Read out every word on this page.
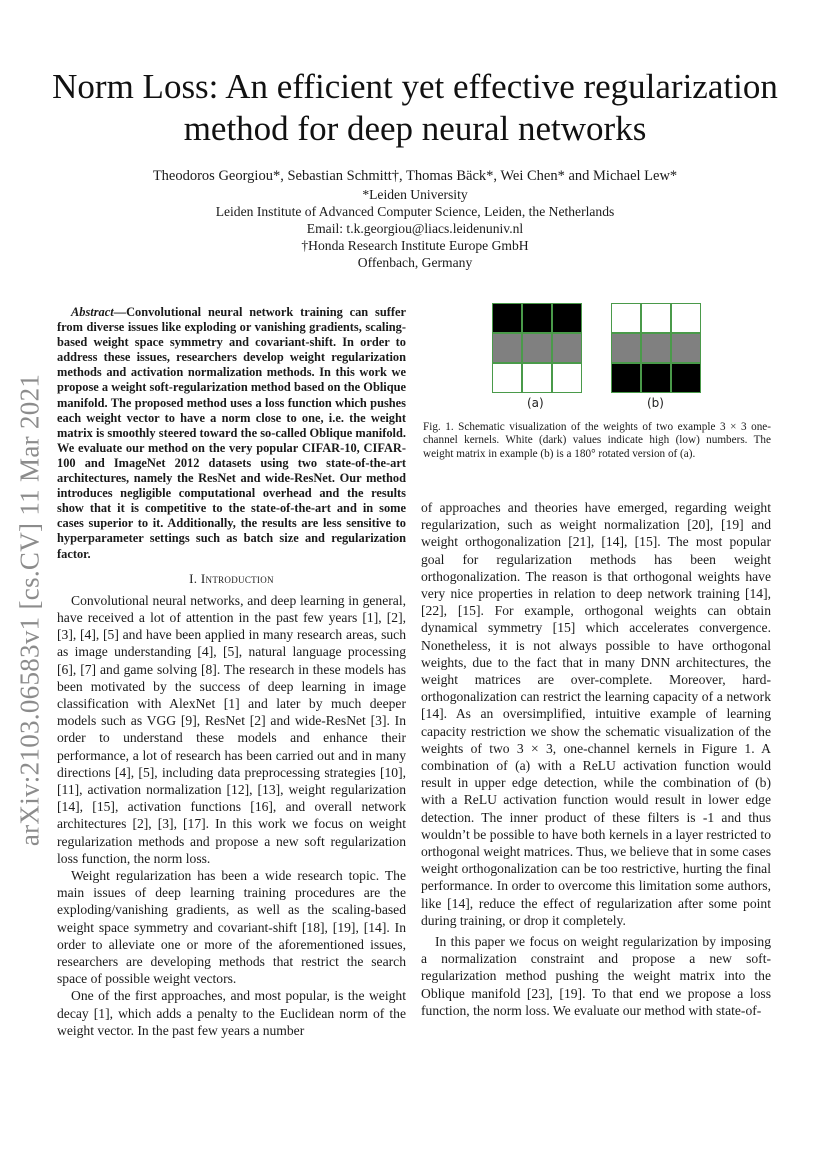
arXiv:2103.06583v1 [cs.CV] 11 Mar 2021
Norm Loss: An efficient yet effective regularization
method for deep neural networks
Theodoros Georgiou*, Sebastian Schmitt†, Thomas Bäck*, Wei Chen* and Michael Lew*
*Leiden University
Leiden Institute of Advanced Computer Science, Leiden, the Netherlands
Email: t.k.georgiou@liacs.leidenuniv.nl
†Honda Research Institute Europe GmbH
Offenbach, Germany
Abstract—Convolutional neural network training can suffer from diverse issues like exploding or vanishing gradients, scaling-based weight space symmetry and covariant-shift. In order to address these issues, researchers develop weight regularization methods and activation normalization methods. In this work we propose a weight soft-regularization method based on the Oblique manifold. The proposed method uses a loss function which pushes each weight vector to have a norm close to one, i.e. the weight matrix is smoothly steered toward the so-called Oblique manifold. We evaluate our method on the very popular CIFAR-10, CIFAR-100 and ImageNet 2012 datasets using two state-of-the-art architectures, namely the ResNet and wide-ResNet. Our method introduces negligible computational overhead and the results show that it is competitive to the state-of-the-art and in some cases superior to it. Additionally, the results are less sensitive to hyperparameter settings such as batch size and regularization factor.
I. Introduction

Convolutional neural networks, and deep learning in general, have received a lot of attention in the past few years [1], [2], [3], [4], [5] and have been applied in many research areas, such as image understanding [4], [5], natural language processing [6], [7] and game solving [8]. The research in these models has been motivated by the success of deep learning in image classification with AlexNet [1] and later by much deeper models such as VGG [9], ResNet [2] and wide-ResNet [3]. In order to understand these models and enhance their performance, a lot of research has been carried out and in many directions [4], [5], including data preprocessing strategies [10], [11], activation normalization [12], [13], weight regularization [14], [15], activation functions [16], and overall network architectures [2], [3], [17]. In this work we focus on weight regularization methods and propose a new soft regularization loss function, the norm loss.

Weight regularization has been a wide research topic. The main issues of deep learning training procedures are the exploding/vanishing gradients, as well as the scaling-based weight space symmetry and covariant-shift [18], [19], [14]. In order to alleviate one or more of the aforementioned issues, researchers are developing methods that restrict the search space of possible weight vectors.

One of the first approaches, and most popular, is the weight decay [1], which adds a penalty to the Euclidean norm of the weight vector. In the past few years a number

(a)	(b)
Fig. 1. Schematic visualization of the weights of two example 3 × 3 one-channel kernels. White (dark) values indicate high (low) numbers. The weight matrix in example (b) is a 180° rotated version of (a).

of approaches and theories have emerged, regarding weight regularization, such as weight normalization [20], [19] and weight orthogonalization [21], [14], [15]. The most popular goal for regularization methods has been weight orthogonalization. The reason is that orthogonal weights have very nice properties in relation to deep network training [14], [22], [15]. For example, orthogonal weights can obtain dynamical symmetry [15] which accelerates convergence. Nonetheless, it is not always possible to have orthogonal weights, due to the fact that in many DNN architectures, the weight matrices are over-complete. Moreover, hard-orthogonalization can restrict the learning capacity of a network [14]. As an oversimplified, intuitive example of learning capacity restriction we show the schematic visualization of the weights of two 3 × 3, one-channel kernels in Figure 1. A combination of (a) with a ReLU activation function would result in upper edge detection, while the combination of (b) with a ReLU activation function would result in lower edge detection. The inner product of these filters is -1 and thus wouldn’t be possible to have both kernels in a layer restricted to orthogonal weight matrices. Thus, we believe that in some cases weight orthogonalization can be too restrictive, hurting the final performance. In order to overcome this limitation some authors, like [14], reduce the effect of regularization after some point during training, or drop it completely.

In this paper we focus on weight regularization by imposing a normalization constraint and propose a new soft-regularization method pushing the weight matrix into the Oblique manifold [23], [19]. To that end we propose a loss function, the norm loss. We evaluate our method with state-of-
